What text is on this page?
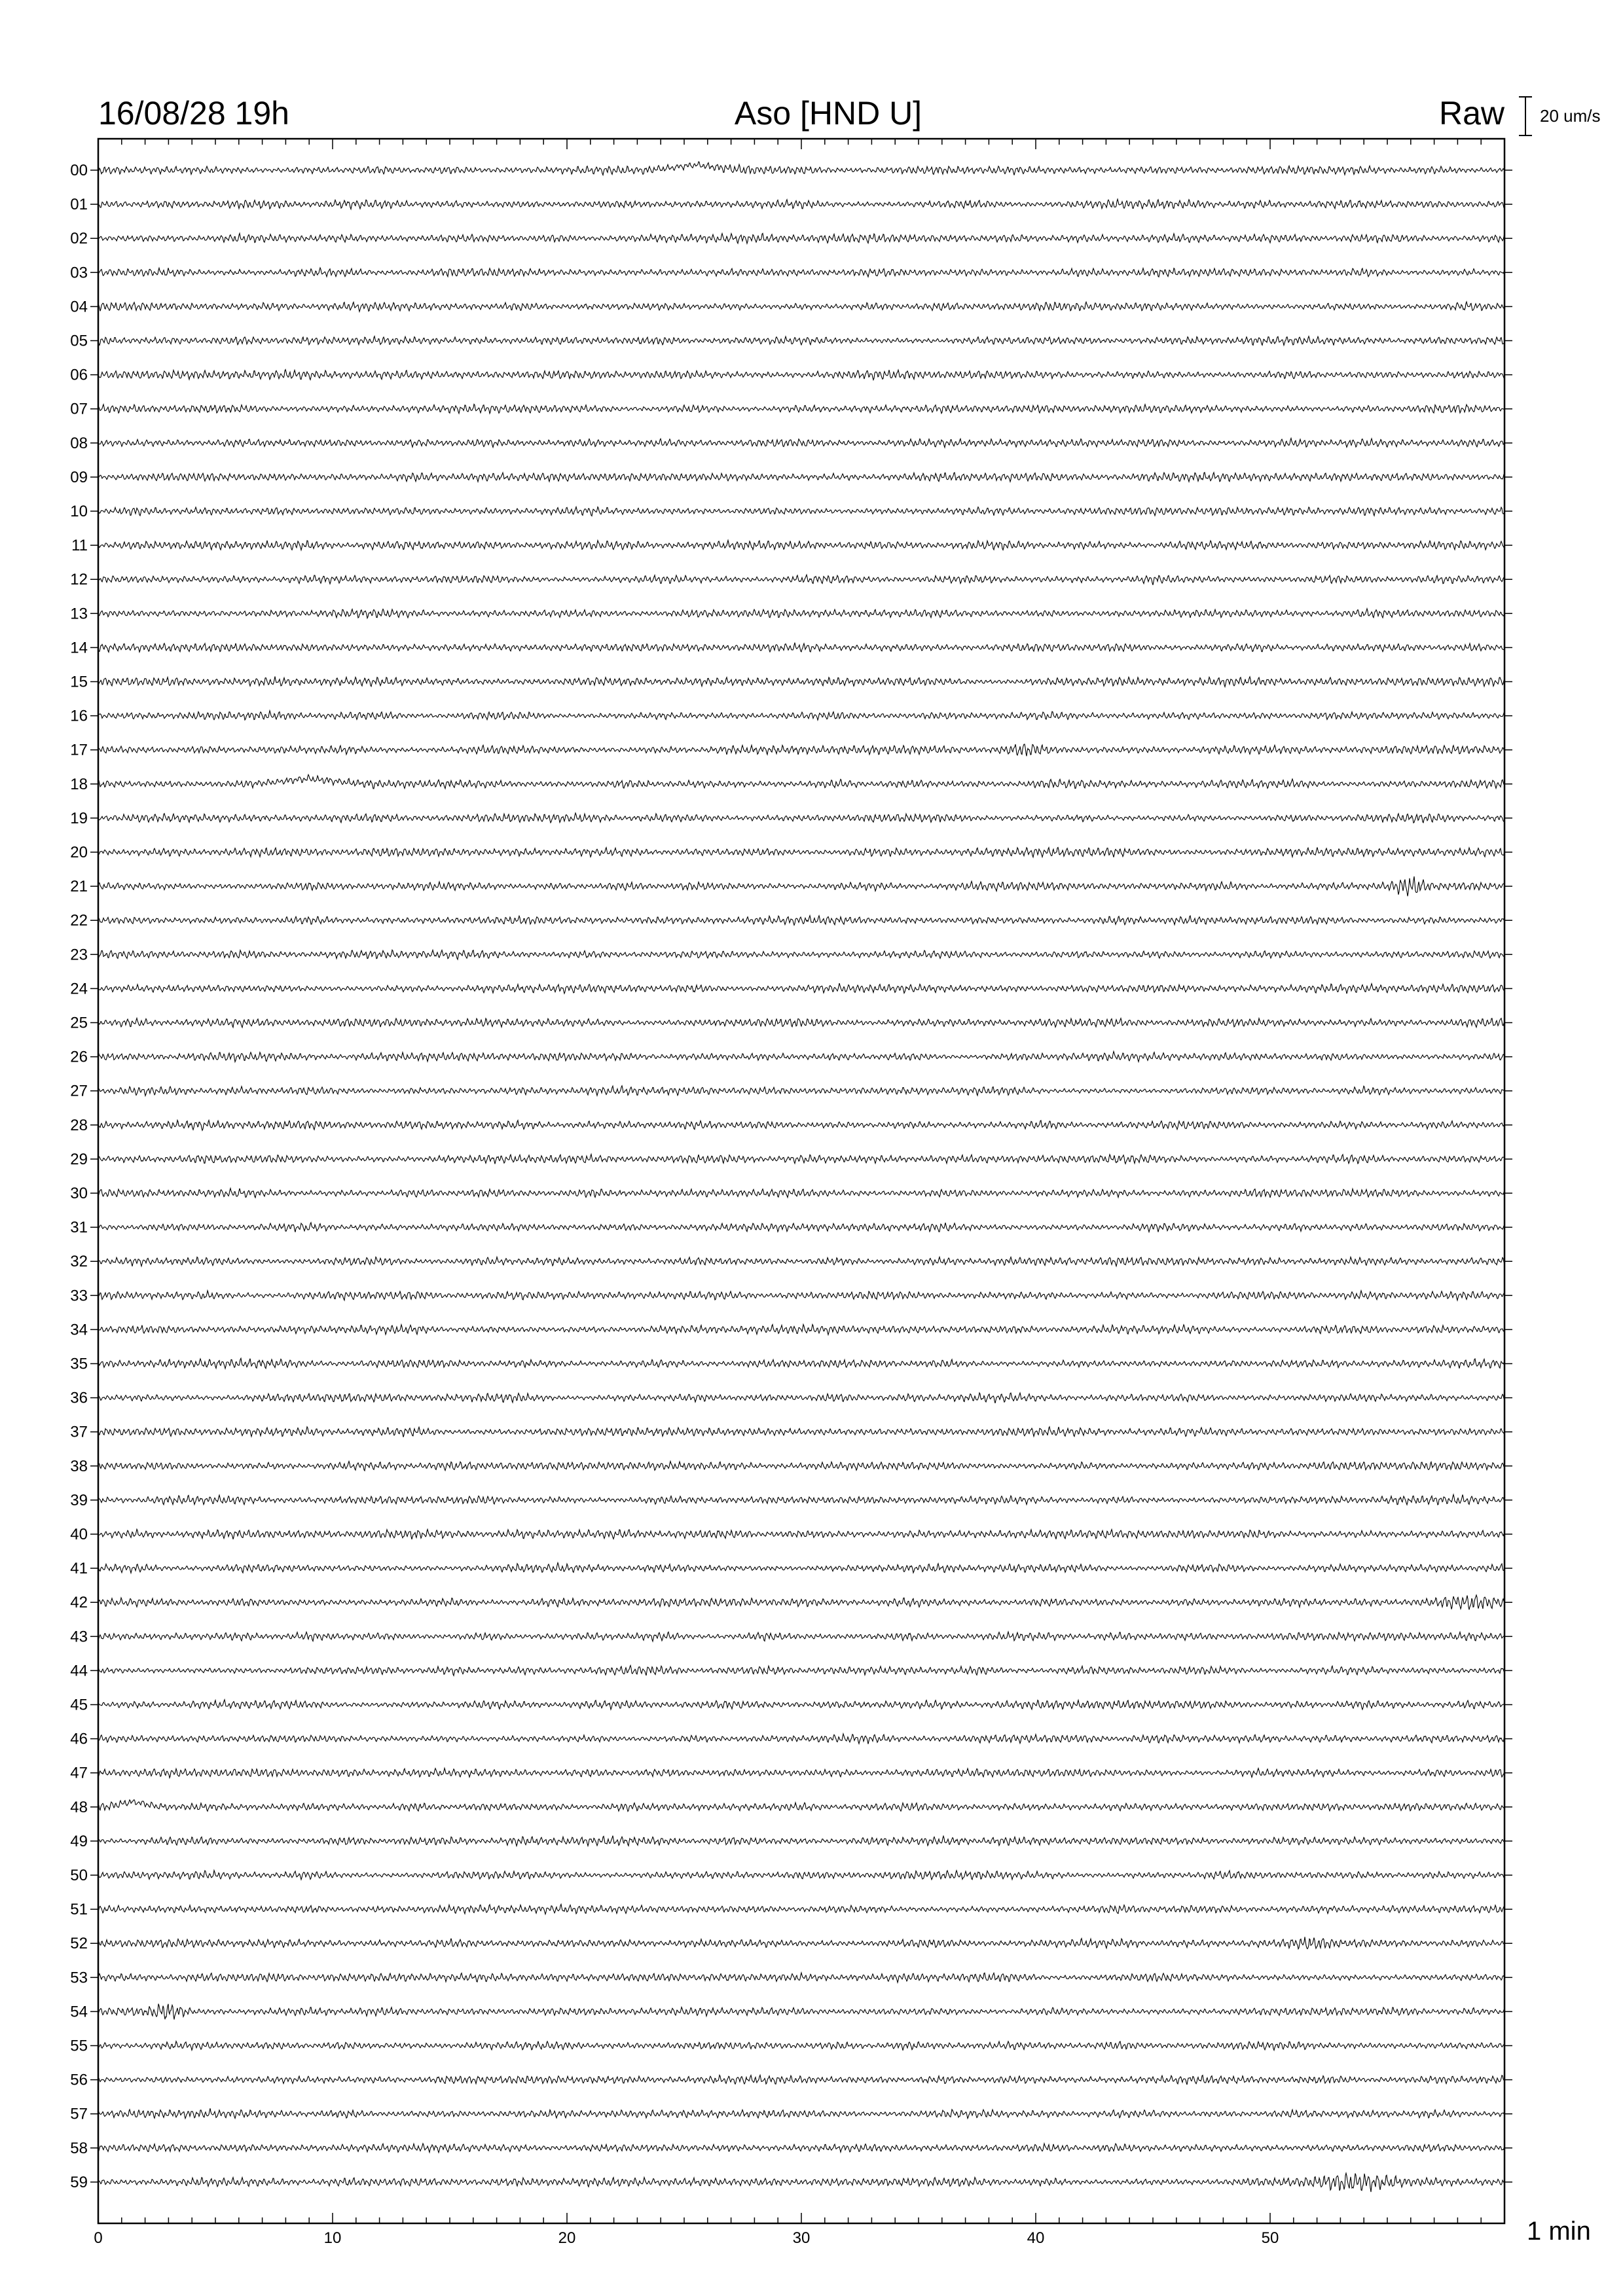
16/08/28 19h	Aso [HND U]	Raw 20 um/s
0	10	20	30	40	50
00
01
02
03
04
05
06
07
08
09
10
11
12
13
14
15
16
17
18
19
20
21
22
23
24
25
26
27
28
29
30
31
32
33
34
35
36
37
38
39
40
41
42
43
44
45
46
47
48
49
50
51
52
53
54
55
56
57
58
59
1 min
